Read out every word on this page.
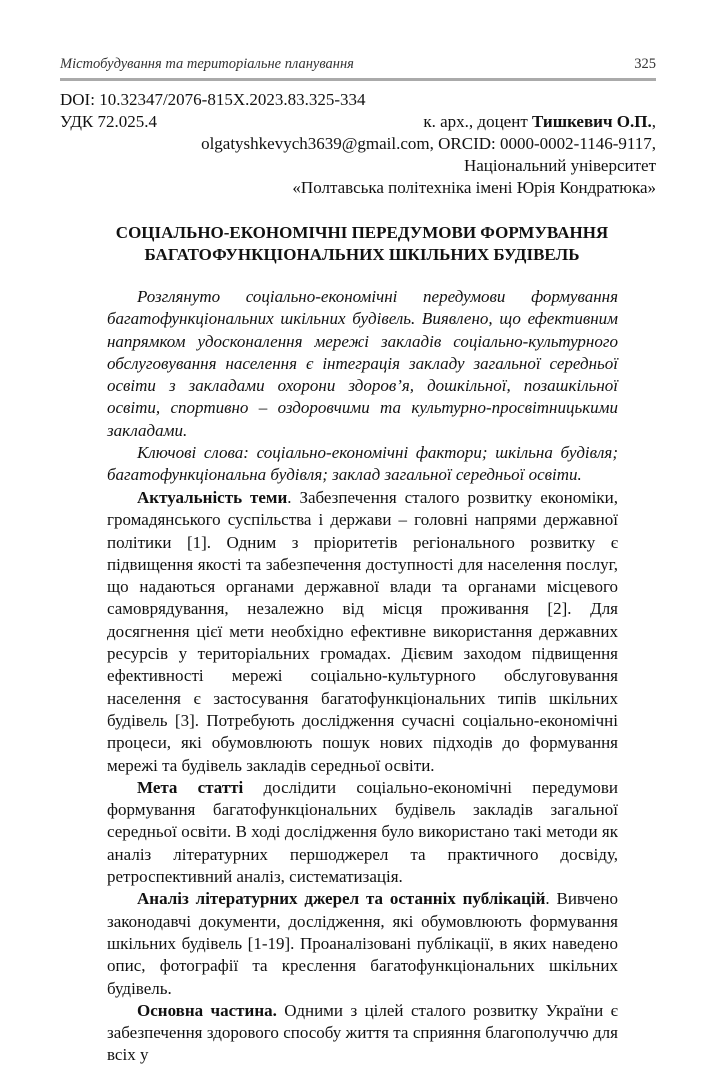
Містобудування та територіальне планування	325
DOI: 10.32347/2076-815X.2023.83.325-334
УДК 72.025.4	к. арх., доцент Тишкевич О.П.,
olgatyshkevych3639@gmail.com, ORCID: 0000-0002-1146-9117,
Національний університет
«Полтавська політехніка імені Юрія Кондратюка»
СОЦІАЛЬНО-ЕКОНОМІЧНІ ПЕРЕДУМОВИ ФОРМУВАННЯ
БАГАТОФУНКЦІОНАЛЬНИХ ШКІЛЬНИХ БУДІВЕЛЬ

Розглянуто соціально-економічні передумови формування багатофункціональних шкільних будівель. Виявлено, що ефективним напрямком удосконалення мережі закладів соціально-культурного обслуговування населення є інтеграція закладу загальної середньої освіти з закладами охорони здоров’я, дошкільної, позашкільної освіти, спортивно – оздоровчими та культурно-просвітницькими закладами.

Ключові слова: соціально-економічні фактори; шкільна будівля; багатофункціональна будівля; заклад загальної середньої освіти.

Актуальність теми. Забезпечення сталого розвитку економіки, громадянського суспільства і держави – головні напрями державної політики [1]. Одним з пріоритетів регіонального розвитку є підвищення якості та забезпечення доступності для населення послуг, що надаються органами державної влади та органами місцевого самоврядування, незалежно від місця проживання [2]. Для досягнення цієї мети необхідно ефективне використання державних ресурсів у територіальних громадах. Дієвим заходом підвищення ефективності мережі соціально-культурного обслуговування населення є застосування багатофункціональних типів шкільних будівель [3]. Потребують дослідження сучасні соціально-економічні процеси, які обумовлюють пошук нових підходів до формування мережі та будівель закладів середньої освіти.

Мета статті дослідити соціально-економічні передумови формування багатофункціональних будівель закладів загальної середньої освіти. В ході дослідження було використано такі методи як аналіз літературних першоджерел та практичного досвіду, ретроспективний аналіз, систематизація.

Аналіз літературних джерел та останніх публікацій. Вивчено законодавчі документи, дослідження, які обумовлюють формування шкільних будівель [1-19]. Проаналізовані публікації, в яких наведено опис, фотографії та креслення багатофункціональних шкільних будівель.

Основна частина. Одними з цілей сталого розвитку України є забезпечення здорового способу життя та сприяння благополуччю для всіх у
